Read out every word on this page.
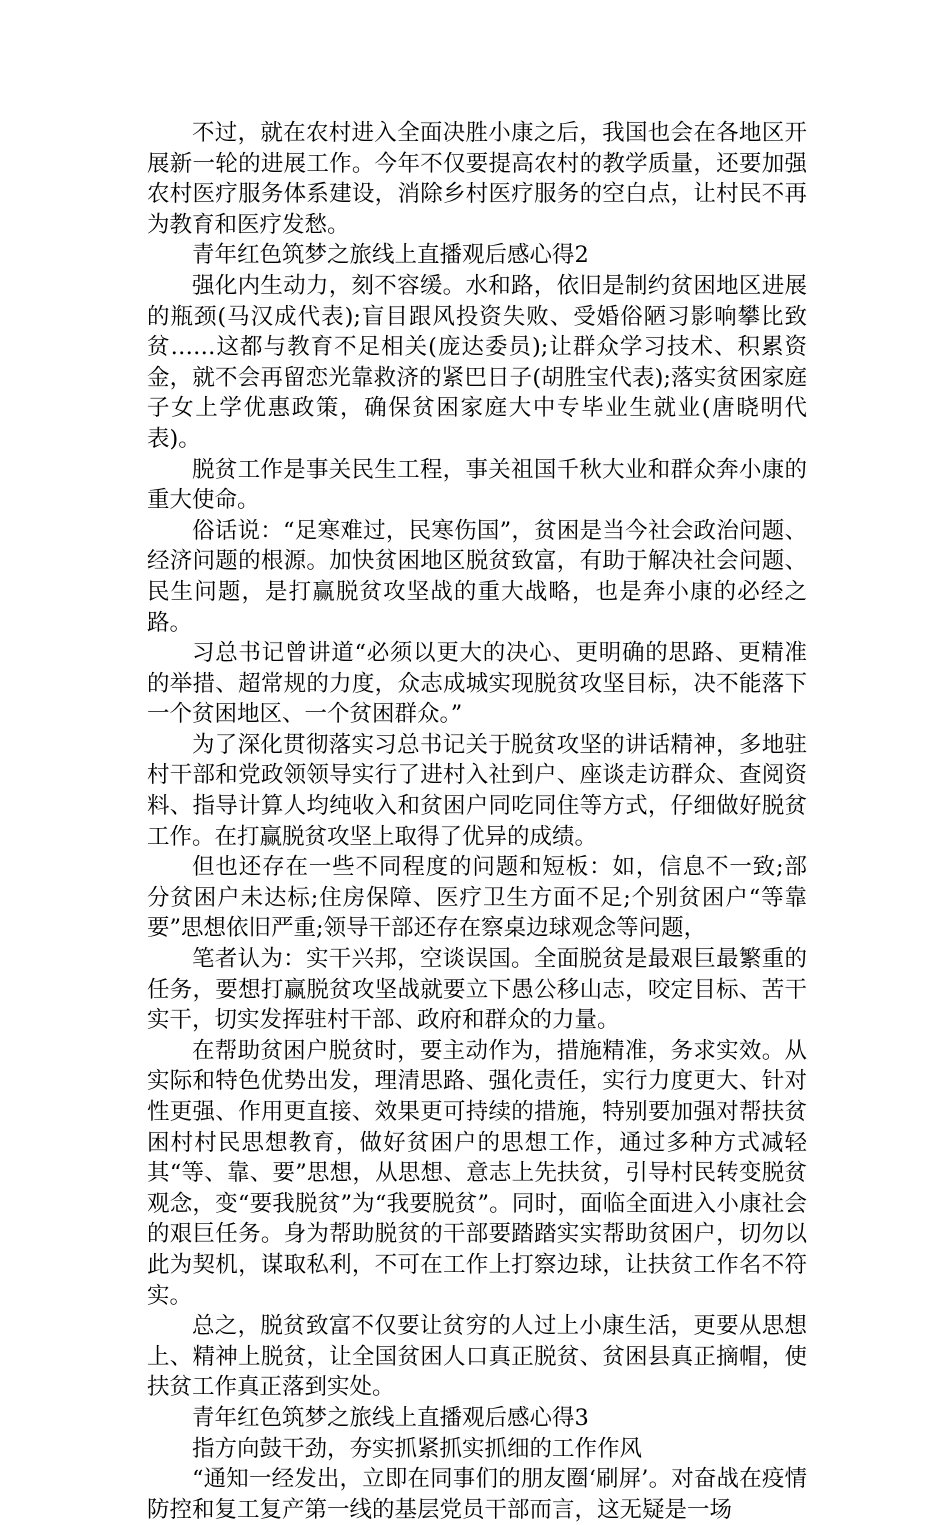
不过，就在农村进入全面决胜小康之后，我国也会在各地区开展新一轮的进展工作。今年不仅要提高农村的教学质量，还要加强农村医疗服务体系建设，消除乡村医疗服务的空白点，让村民不再为教育和医疗发愁。

青年红色筑梦之旅线上直播观后感心得2

强化内生动力，刻不容缓。水和路，依旧是制约贫困地区进展的瓶颈(马汉成代表);盲目跟风投资失败、受婚俗陋习影响攀比致贫……这都与教育不足相关(庞达委员);让群众学习技术、积累资金，就不会再留恋光靠救济的紧巴日子(胡胜宝代表);落实贫困家庭子女上学优惠政策，确保贫困家庭大中专毕业生就业(唐晓明代表)。

脱贫工作是事关民生工程，事关祖国千秋大业和群众奔小康的重大使命。

俗话说：“足寒难过，民寒伤国”，贫困是当今社会政治问题、经济问题的根源。加快贫困地区脱贫致富，有助于解决社会问题、民生问题，是打赢脱贫攻坚战的重大战略，也是奔小康的必经之路。

习总书记曾讲道“必须以更大的决心、更明确的思路、更精准的举措、超常规的力度，众志成城实现脱贫攻坚目标，决不能落下一个贫困地区、一个贫困群众。”

为了深化贯彻落实习总书记关于脱贫攻坚的讲话精神，多地驻村干部和党政领领导实行了进村入社到户、座谈走访群众、查阅资料、指导计算人均纯收入和贫困户同吃同住等方式，仔细做好脱贫工作。在打赢脱贫攻坚上取得了优异的成绩。

但也还存在一些不同程度的问题和短板：如，信息不一致;部分贫困户未达标;住房保障、医疗卫生方面不足;个别贫困户“等靠要”思想依旧严重;领导干部还存在察桌边球观念等问题，

笔者认为：实干兴邦，空谈误国。全面脱贫是最艰巨最繁重的任务，要想打赢脱贫攻坚战就要立下愚公移山志，咬定目标、苦干实干，切实发挥驻村干部、政府和群众的力量。

在帮助贫困户脱贫时，要主动作为，措施精准，务求实效。从实际和特色优势出发，理清思路、强化责任，实行力度更大、针对性更强、作用更直接、效果更可持续的措施，特别要加强对帮扶贫困村村民思想教育，做好贫困户的思想工作，通过多种方式减轻其“等、靠、要”思想，从思想、意志上先扶贫，引导村民转变脱贫观念，变“要我脱贫”为“我要脱贫”。同时，面临全面进入小康社会的艰巨任务。身为帮助脱贫的干部要踏踏实实帮助贫困户，切勿以此为契机，谋取私利，不可在工作上打察边球，让扶贫工作名不符实。

总之，脱贫致富不仅要让贫穷的人过上小康生活，更要从思想上、精神上脱贫，让全国贫困人口真正脱贫、贫困县真正摘帽，使扶贫工作真正落到实处。

青年红色筑梦之旅线上直播观后感心得3

指方向鼓干劲，夯实抓紧抓实抓细的工作作风

“通知一经发出，立即在同事们的朋友圈‘刷屏’。对奋战在疫情防控和复工复产第一线的基层党员干部而言，这无疑是一场
